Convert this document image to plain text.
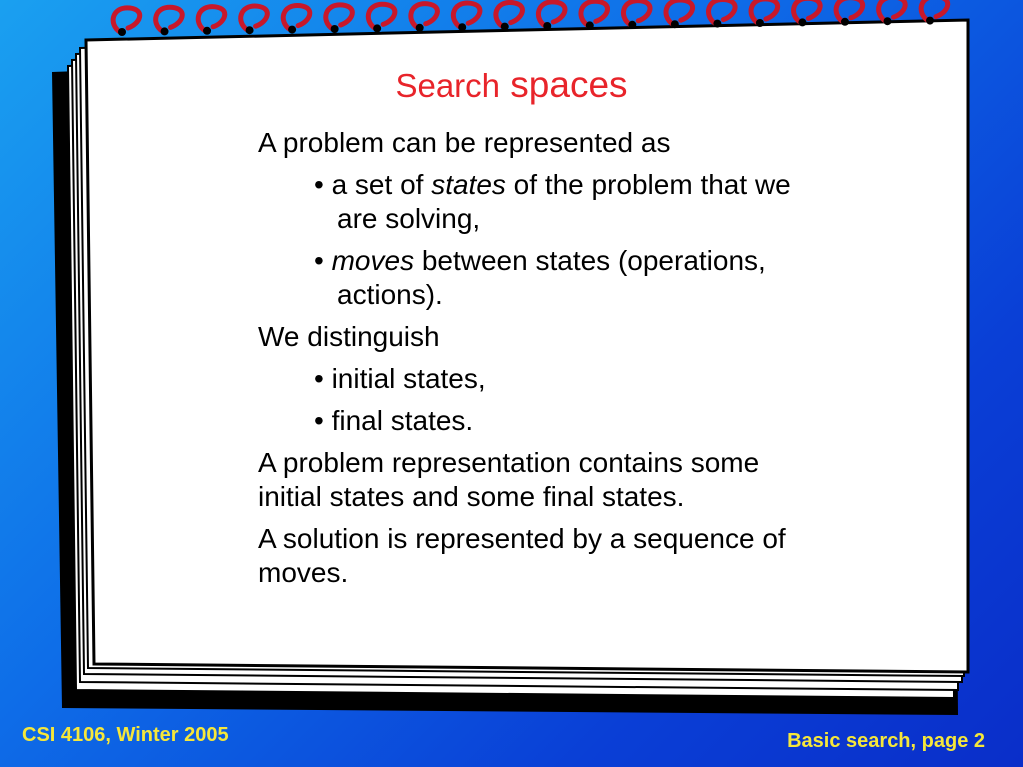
Search spaces
A problem can be represented as
• a set of states of the problem that we are solving,
• moves between states (operations, actions).
We distinguish
• initial states,
• final states.
A problem representation contains some initial states and some final states.
A solution is represented by a sequence of moves.
CSI 4106, Winter 2005	Basic search, page 2
